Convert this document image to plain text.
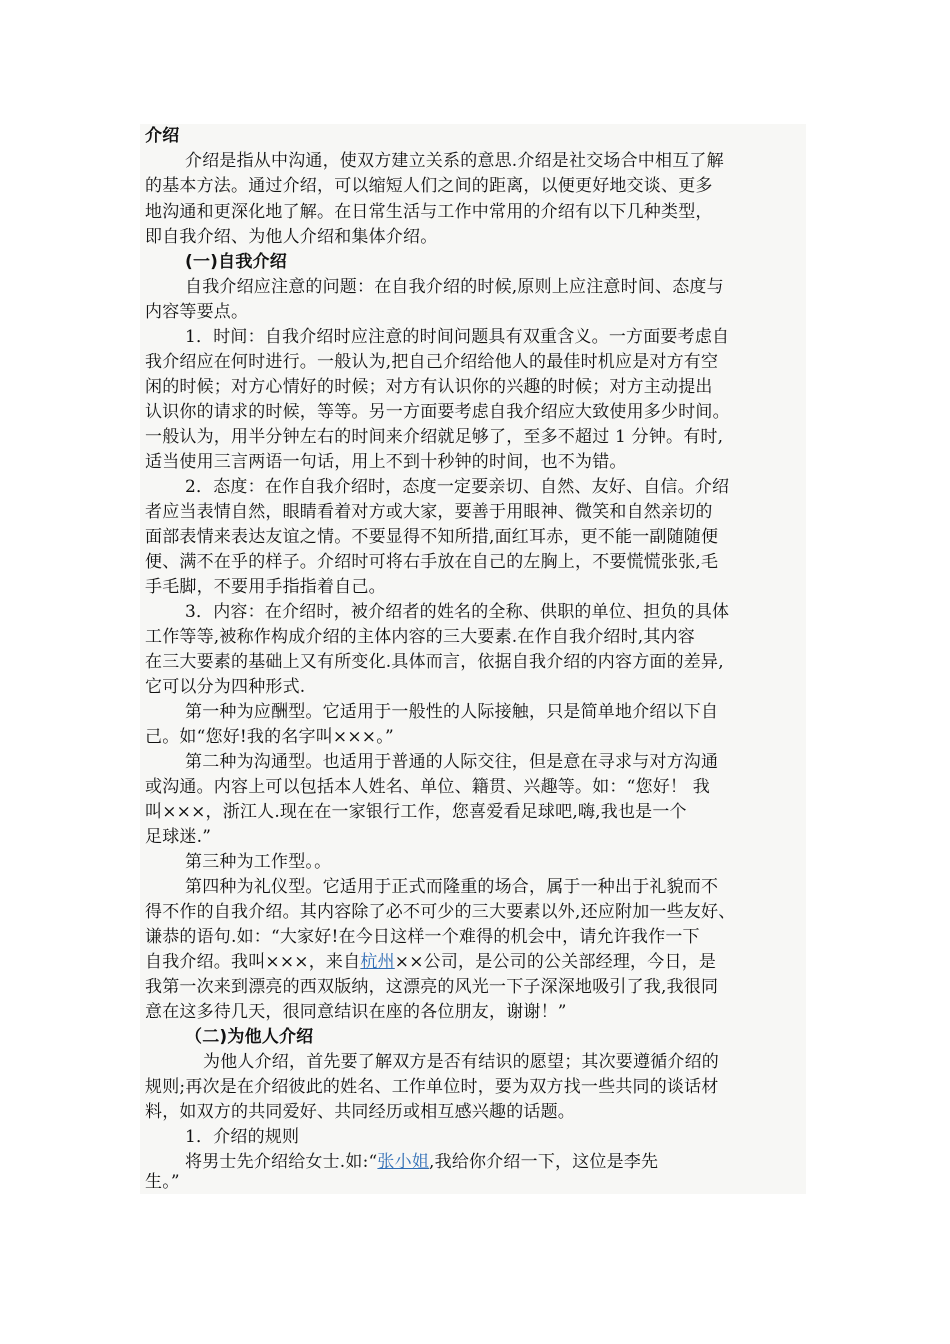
介绍
介绍是指从中沟通，使双方建立关系的意思.介绍是社交场合中相互了解
的基本方法。通过介绍，可以缩短人们之间的距离，以便更好地交谈、更多
地沟通和更深化地了解。在日常生活与工作中常用的介绍有以下几种类型，
即自我介绍、为他人介绍和集体介绍。
(一)自我介绍
自我介绍应注意的问题：在自我介绍的时候,原则上应注意时间、态度与
内容等要点。
1．时间：自我介绍时应注意的时间问题具有双重含义。一方面要考虑自
我介绍应在何时进行。一般认为,把自己介绍给他人的最佳时机应是对方有空
闲的时候；对方心情好的时候；对方有认识你的兴趣的时候；对方主动提出
认识你的请求的时候，等等。另一方面要考虑自我介绍应大致使用多少时间。
一般认为，用半分钟左右的时间来介绍就足够了，至多不超过 1 分钟。有时,
适当使用三言两语一句话，用上不到十秒钟的时间，也不为错。
2．态度：在作自我介绍时，态度一定要亲切、自然、友好、自信。介绍
者应当表情自然，眼睛看着对方或大家，要善于用眼神、微笑和自然亲切的
面部表情来表达友谊之情。不要显得不知所措,面红耳赤，更不能一副随随便
便、满不在乎的样子。介绍时可将右手放在自己的左胸上，不要慌慌张张,毛
手毛脚，不要用手指指着自己。
3．内容：在介绍时，被介绍者的姓名的全称、供职的单位、担负的具体
工作等等,被称作构成介绍的主体内容的三大要素.在作自我介绍时,其内容
在三大要素的基础上又有所变化.具体而言，依据自我介绍的内容方面的差异,
它可以分为四种形式.
第一种为应酬型。它适用于一般性的人际接触，只是简单地介绍以下自
己。如“您好!我的名字叫×××。”
第二种为沟通型。也适用于普通的人际交往，但是意在寻求与对方沟通
或沟通。内容上可以包括本人姓名、单位、籍贯、兴趣等。如：“您好！ 我
叫×××，浙江人.现在在一家银行工作，您喜爱看足球吧,嗨,我也是一个
足球迷.”
第三种为工作型。。
第四种为礼仪型。它适用于正式而隆重的场合，属于一种出于礼貌而不
得不作的自我介绍。其内容除了必不可少的三大要素以外,还应附加一些友好、
谦恭的语句.如：“大家好!在今日这样一个难得的机会中，请允许我作一下
自我介绍。我叫×××，来自杭州××公司，是公司的公关部经理，今日，是
我第一次来到漂亮的西双版纳，这漂亮的风光一下子深深地吸引了我,我很同
意在这多待几天，很同意结识在座的各位朋友，谢谢！”
（二)为他人介绍
为他人介绍，首先要了解双方是否有结识的愿望；其次要遵循介绍的
规则;再次是在介绍彼此的姓名、工作单位时，要为双方找一些共同的谈话材
料，如双方的共同爱好、共同经历或相互感兴趣的话题。
1．介绍的规则
将男士先介绍给女士.如:“张小姐,我给你介绍一下，这位是李先
生。”
